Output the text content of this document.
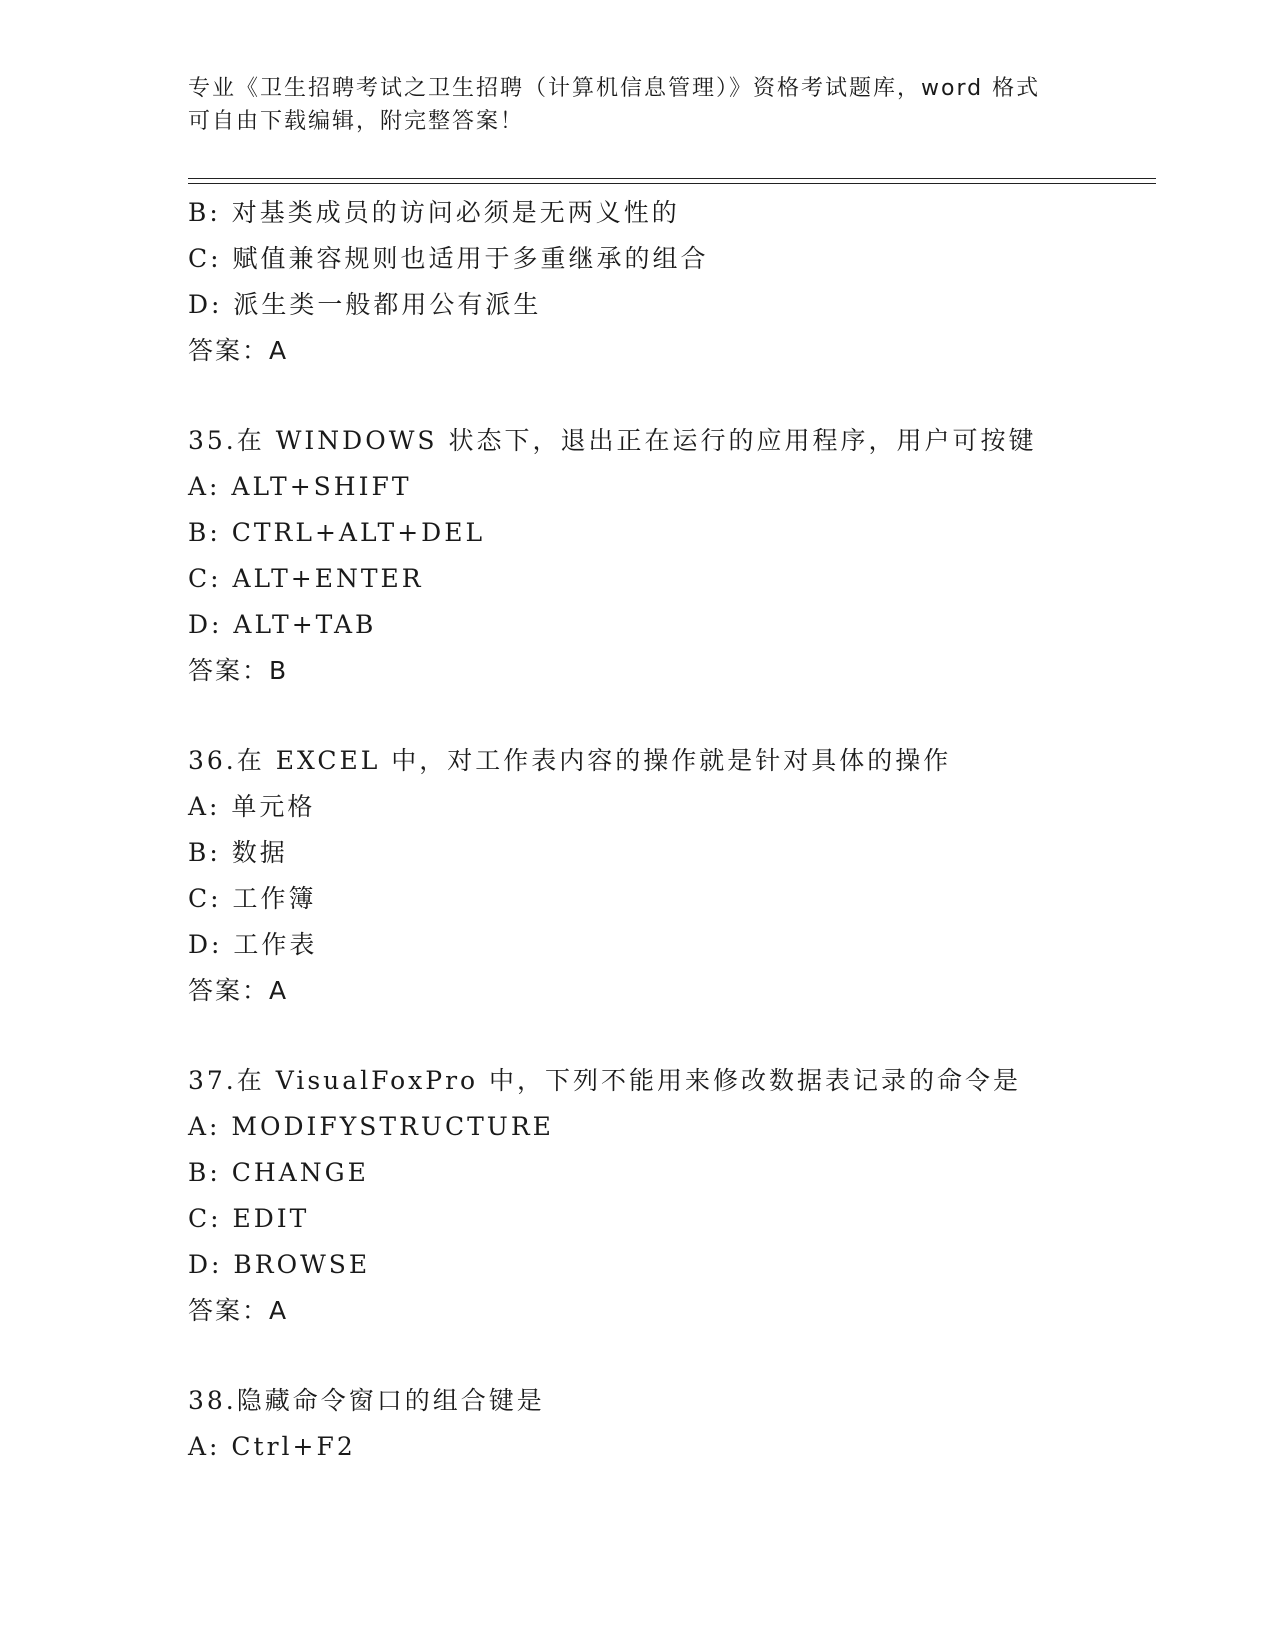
专业《卫生招聘考试之卫生招聘（计算机信息管理）》资格考试题库，word 格式
可自由下载编辑，附完整答案！
B: 对基类成员的访问必须是无两义性的
C: 赋值兼容规则也适用于多重继承的组合
D: 派生类一般都用公有派生
答案：A
35.在 WINDOWS 状态下，退出正在运行的应用程序，用户可按键
A: ALT+SHIFT
B: CTRL+ALT+DEL
C: ALT+ENTER
D: ALT+TAB
答案：B
36.在 EXCEL 中，对工作表内容的操作就是针对具体的操作
A: 单元格
B: 数据
C: 工作簿
D: 工作表
答案：A
37.在 VisualFoxPro 中，下列不能用来修改数据表记录的命令是
A: MODIFYSTRUCTURE
B: CHANGE
C: EDIT
D: BROWSE
答案：A
38.隐藏命令窗口的组合键是
A: Ctrl+F2
